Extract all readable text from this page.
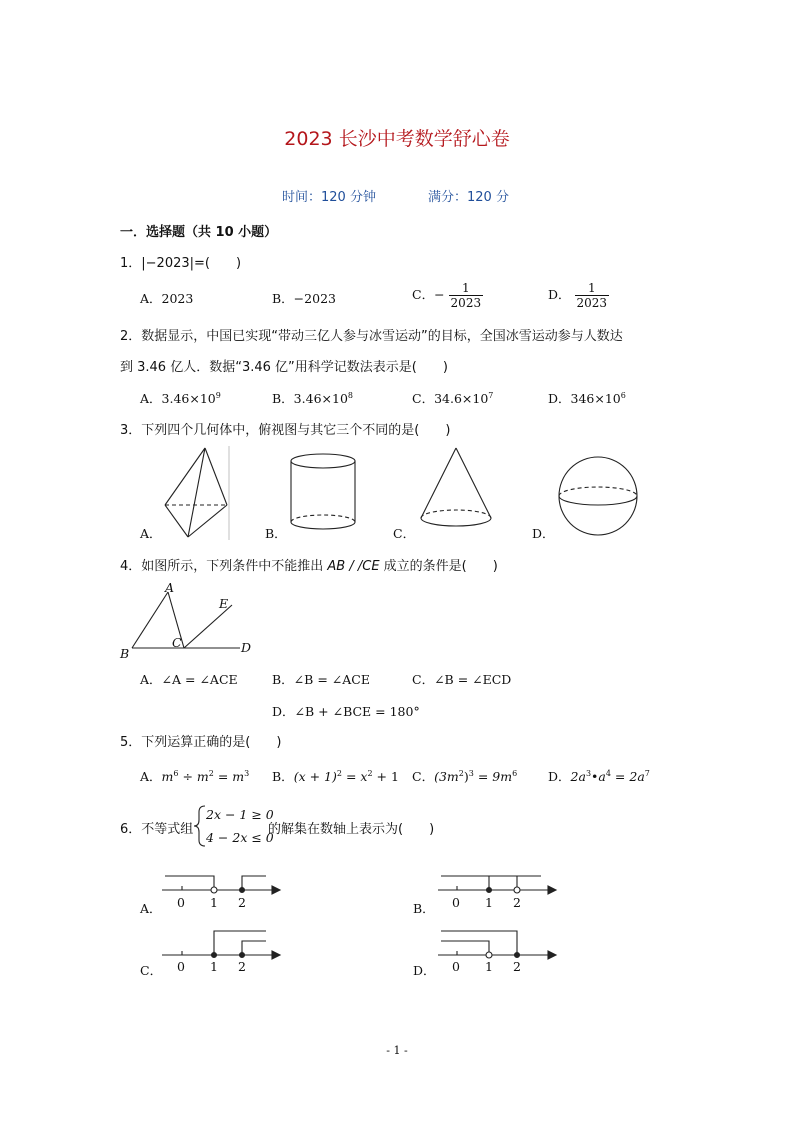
2023 长沙中考数学舒心卷
时间：120 分钟	满分：120 分
一．选择题（共 10 小题）
1．|−2023|=(　　)
A．2023	B．−2023	C．− $\frac{1}{2023}$	D． $\frac{1}{2023}$
2．数据显示，中国已实现“带动三亿人参与冰雪运动”的目标，全国冰雪运动参与人数达
到 3.46 亿人．数据“3.46 亿”用科学记数法表示是(　　)
A．$3.46\times 10^9$	B．$3.46\times 10^8$	C．$34.6\times 10^7$	D．$346\times 10^6$
3．下列四个几何体中，俯视图与其它三个不同的是(　　)
A．	B．	C．	D．
4．如图所示，下列条件中不能推出 AB / /CE 成立的条件是(　　)
A
B
C	D
E
A．∠A = ∠ACE	B．∠B = ∠ACE	C．∠B = ∠ECD
D．∠B + ∠BCE = 180°
5．下列运算正确的是(　　)
A．$m^6 \div m^2 = m^3$ B．$(x + 1)^2 = x^2 + 1$ C．$(3m^2)^3 = 9m^6$ D．$2a^3•a^4 = 2a^7$
6．不等式组
2x − 1 ≥ 0
4 − 2x ≤ 0
的解集在数轴上表示为(　　)
A．	B．
C．	D．
0 1 2	0 1 2
0 1 2	0 1 2
- 1 -
